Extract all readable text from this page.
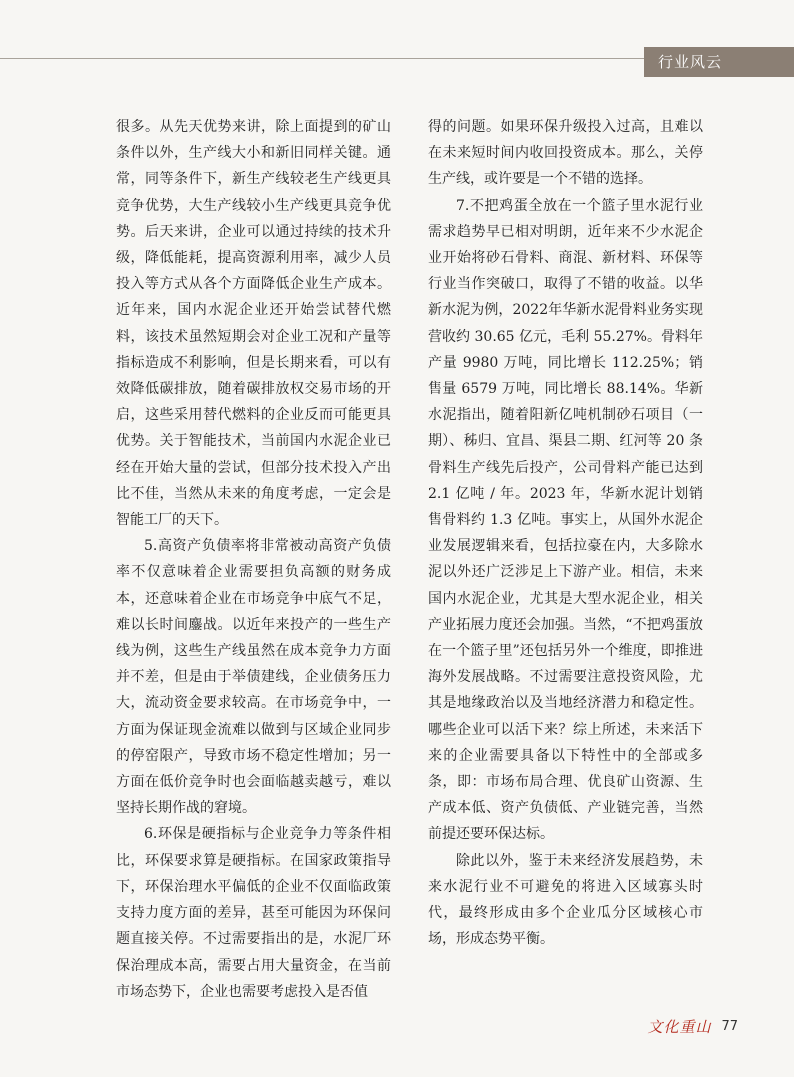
行业风云

很多。从先天优势来讲，除上面提到的矿山条件以外，生产线大小和新旧同样关键。通常，同等条件下，新生产线较老生产线更具竞争优势，大生产线较小生产线更具竞争优势。后天来讲，企业可以通过持续的技术升级，降低能耗，提高资源利用率，减少人员投入等方式从各个方面降低企业生产成本。近年来，国内水泥企业还开始尝试替代燃料，该技术虽然短期会对企业工况和产量等指标造成不利影响，但是长期来看，可以有效降低碳排放，随着碳排放权交易市场的开启，这些采用替代燃料的企业反而可能更具优势。关于智能技术，当前国内水泥企业已经在开始大量的尝试，但部分技术投入产出比不佳，当然从未来的角度考虑，一定会是智能工厂的天下。

5.高资产负债率将非常被动高资产负债率不仅意味着企业需要担负高额的财务成本，还意味着企业在市场竞争中底气不足，难以长时间鏖战。以近年来投产的一些生产线为例，这些生产线虽然在成本竞争力方面并不差，但是由于举债建线，企业债务压力大，流动资金要求较高。在市场竞争中，一方面为保证现金流难以做到与区域企业同步的停窑限产，导致市场不稳定性增加；另一方面在低价竞争时也会面临越卖越亏，难以坚持长期作战的窘境。

6.环保是硬指标与企业竞争力等条件相比，环保要求算是硬指标。在国家政策指导下，环保治理水平偏低的企业不仅面临政策支持力度方面的差异，甚至可能因为环保问题直接关停。不过需要指出的是，水泥厂环保治理成本高，需要占用大量资金，在当前市场态势下，企业也需要考虑投入是否值

得的问题。如果环保升级投入过高，且难以在未来短时间内收回投资成本。那么，关停生产线，或许要是一个不错的选择。

7.不把鸡蛋全放在一个篮子里水泥行业需求趋势早已相对明朗，近年来不少水泥企业开始将砂石骨料、商混、新材料、环保等行业当作突破口，取得了不错的收益。以华新水泥为例，2022年华新水泥骨料业务实现营收约 30.65 亿元，毛利 55.27%。骨料年产量 9980 万吨，同比增长 112.25%；销售量 6579 万吨，同比增长 88.14%。华新水泥指出，随着阳新亿吨机制砂石项目（一期）、秭归、宜昌、渠县二期、红河等 20 条骨料生产线先后投产，公司骨料产能已达到 2.1 亿吨 / 年。2023 年，华新水泥计划销售骨料约 1.3 亿吨。事实上，从国外水泥企业发展逻辑来看，包括拉豪在内，大多除水泥以外还广泛涉足上下游产业。相信，未来国内水泥企业，尤其是大型水泥企业，相关产业拓展力度还会加强。当然，“不把鸡蛋放在一个篮子里”还包括另外一个维度，即推进海外发展战略。不过需要注意投资风险，尤其是地缘政治以及当地经济潜力和稳定性。哪些企业可以活下来？综上所述，未来活下来的企业需要具备以下特性中的全部或多条，即：市场布局合理、优良矿山资源、生产成本低、资产负债低、产业链完善，当然前提还要环保达标。

除此以外，鉴于未来经济发展趋势，未来水泥行业不可避免的将进入区域寡头时代，最终形成由多个企业瓜分区域核心市场，形成态势平衡。

文化重山 77
